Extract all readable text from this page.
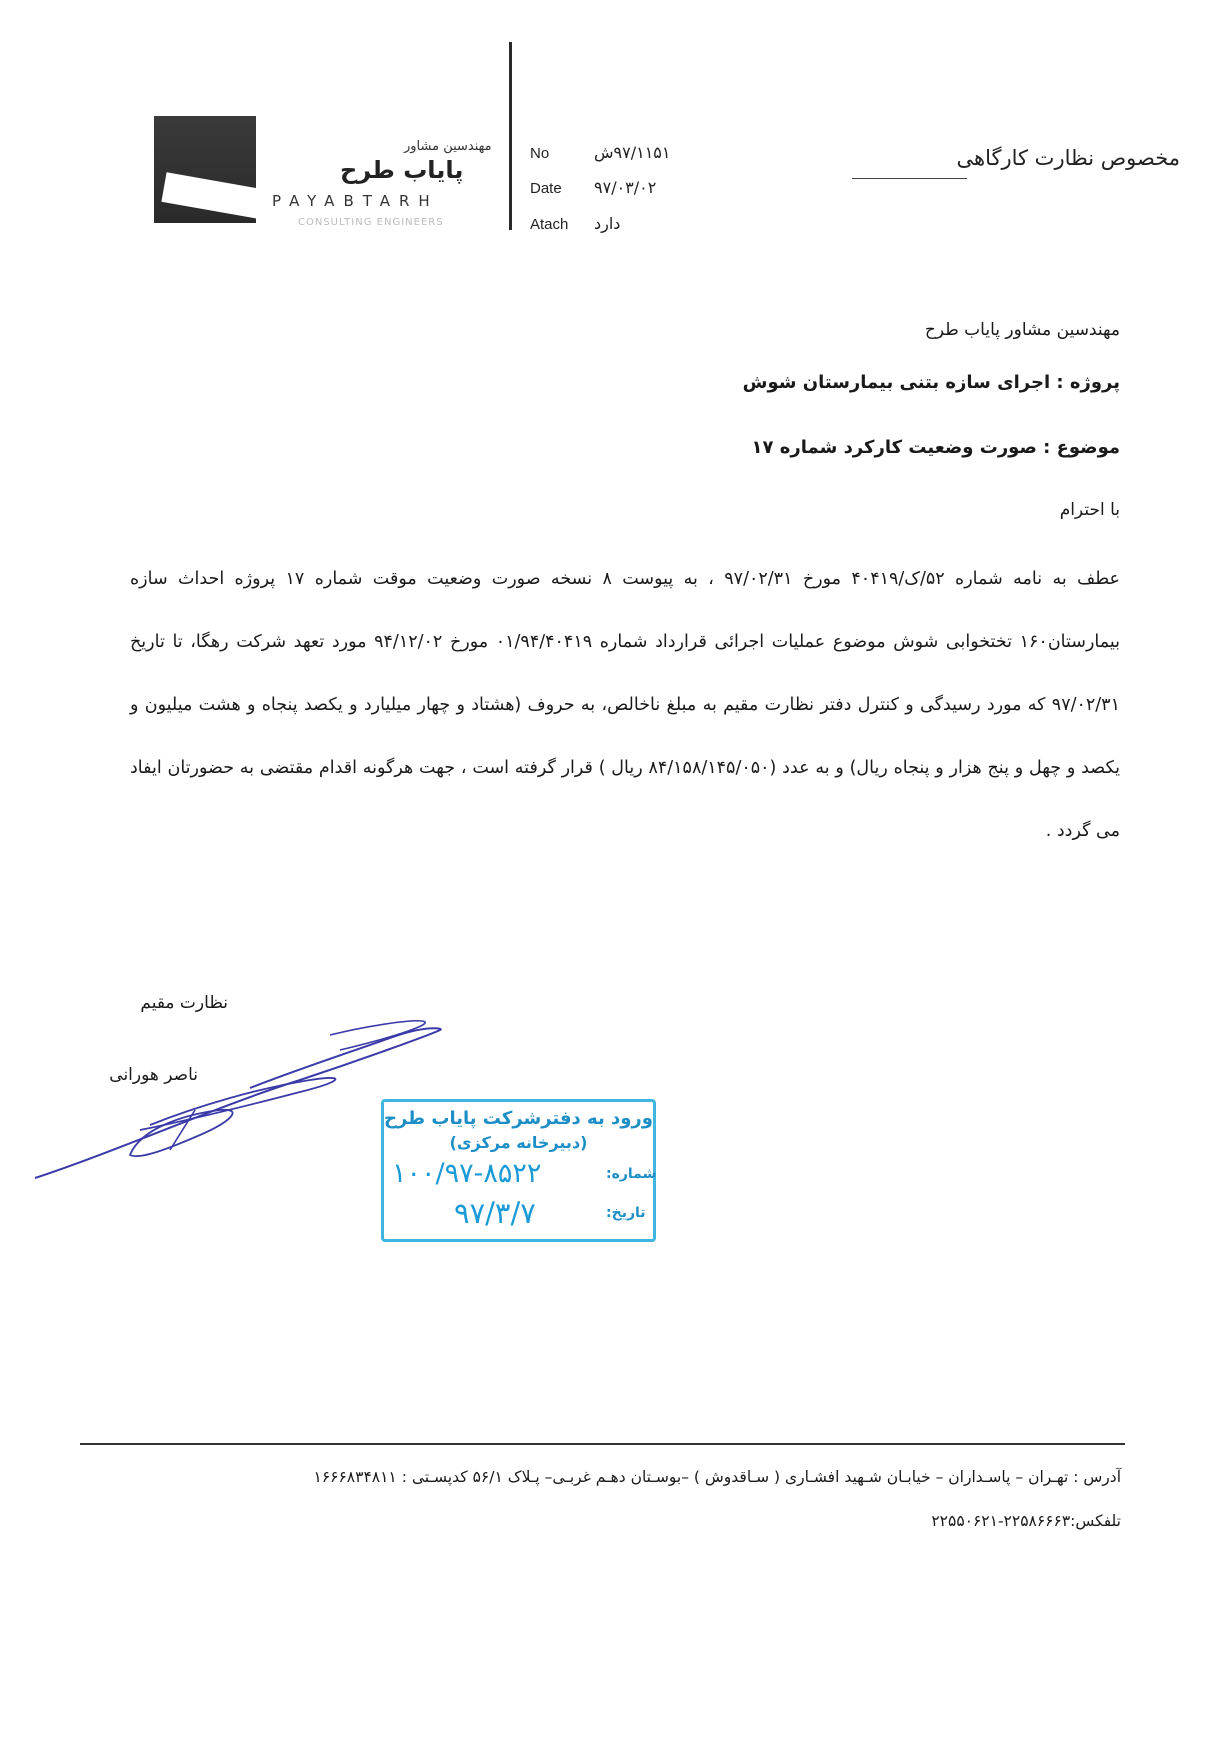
مهندسین مشاور
پایاب طرح
PAYABTARH
CONSULTING ENGINEERS
No	۹۷/۱۱۵۱ش
Date ۹۷/۰۳/۰۲
Atach دارد
مخصوص نظارت کارگاهی
مهندسین مشاور پایاب طرح
پروژه : اجرای سازه بتنی بیمارستان شوش
موضوع : صورت وضعیت کارکرد شماره ۱۷
با احترام
عطف به نامه شماره ۵۲/ک/۴۰۴۱۹ مورخ ۹۷/۰۲/۳۱ ، به پیوست ۸ نسخه صورت وضعیت موقت شماره ۱۷ پروژه احداث سازه بیمارستان۱۶۰ تختخوابی شوش موضوع عملیات اجرائی قرارداد شماره ۰۱/۹۴/۴۰۴۱۹ مورخ ۹۴/۱۲/۰۲ مورد تعهد شرکت رهگا، تا تاریخ ۹۷/۰۲/۳۱ که مورد رسیدگی و کنترل دفتر نظارت مقیم به مبلغ ناخالص، به حروف (هشتاد و چهار میلیارد و یکصد پنجاه و هشت میلیون و یکصد و چهل و پنج هزار و پنجاه ریال) و به عدد (۸۴/۱۵۸/۱۴۵/۰۵۰ ریال ) قرار گرفته است ، جهت هرگونه اقدام مقتضی به حضورتان ایفاد می گردد .
نظارت مقیم
ناصر هورانی
ورود به دفترشرکت پایاب طرح
(دبیرخانه مرکزی)
شماره:
۱۰۰/۹۷-۸۵۲۲
تاریخ:
۹۷/۳/۷
آدرس : تهـران – پاسـداران – خیابـان شـهید افشـاری ( سـاقدوش ) –بوسـتان دهـم غربـی– پـلاک ۵۶/۱ کدپسـتی : ۱۶۶۶۸۳۴۸۱۱
تلفکس:۲۲۵۸۶۶۶۳-۲۲۵۵۰۶۲۱
